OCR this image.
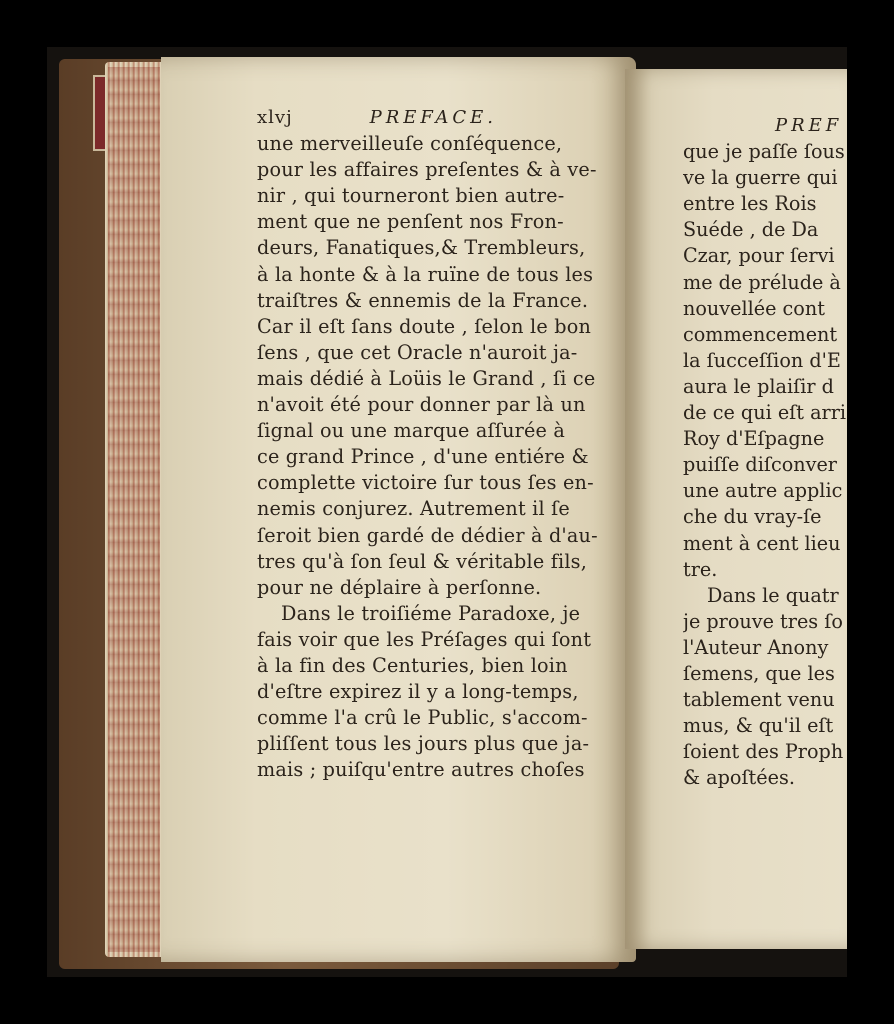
xlvj	PREFACE.
une merveilleuſe conſéquence,
pour les affaires preſentes & à ve-
nir , qui tourneront bien autre-
ment que ne penſent nos Fron-
deurs, Fanatiques,& Trembleurs,
à la honte & à la ruïne de tous les
traiſtres & ennemis de la France.
Car il eſt ſans doute , ſelon le bon
ſens , que cet Oracle n'auroit ja-
mais dédié à Loüis le Grand , ſi ce
n'avoit été pour donner par là un
ſignal ou une marque aſſurée à
ce grand Prince , d'une entiére &
complette victoire ſur tous ſes en-
nemis conjurez. Autrement il ſe
ſeroit bien gardé de dédier à d'au-
tres qu'à ſon ſeul & véritable fils,
pour ne déplaire à perſonne.
Dans le troiſiéme Paradoxe, je
fais voir que les Préſages qui ſont
à la fin des Centuries, bien loin
d'eſtre expirez il y a long-temps,
comme l'a crû le Public, s'accom-
pliſſent tous les jours plus que ja-
mais ; puiſqu'entre autres choſes
PREF
que je paſſe ſous
ve la guerre qui
entre les Rois
Suéde , de Da
Czar, pour ſervi
me de prélude à
nouvellée cont
commencement
la ſucceſſion d'E
aura le plaiſir d
de ce qui eſt arri
Roy d'Eſpagne
puiſſe diſconver
une autre applic
che du vray-ſe
ment à cent lieu
tre.
Dans le quatr
je prouve tres ſo
l'Auteur Anony
ſemens, que les
tablement venu
mus, & qu'il eſt
ſoient des Proph
& apoſtées.
